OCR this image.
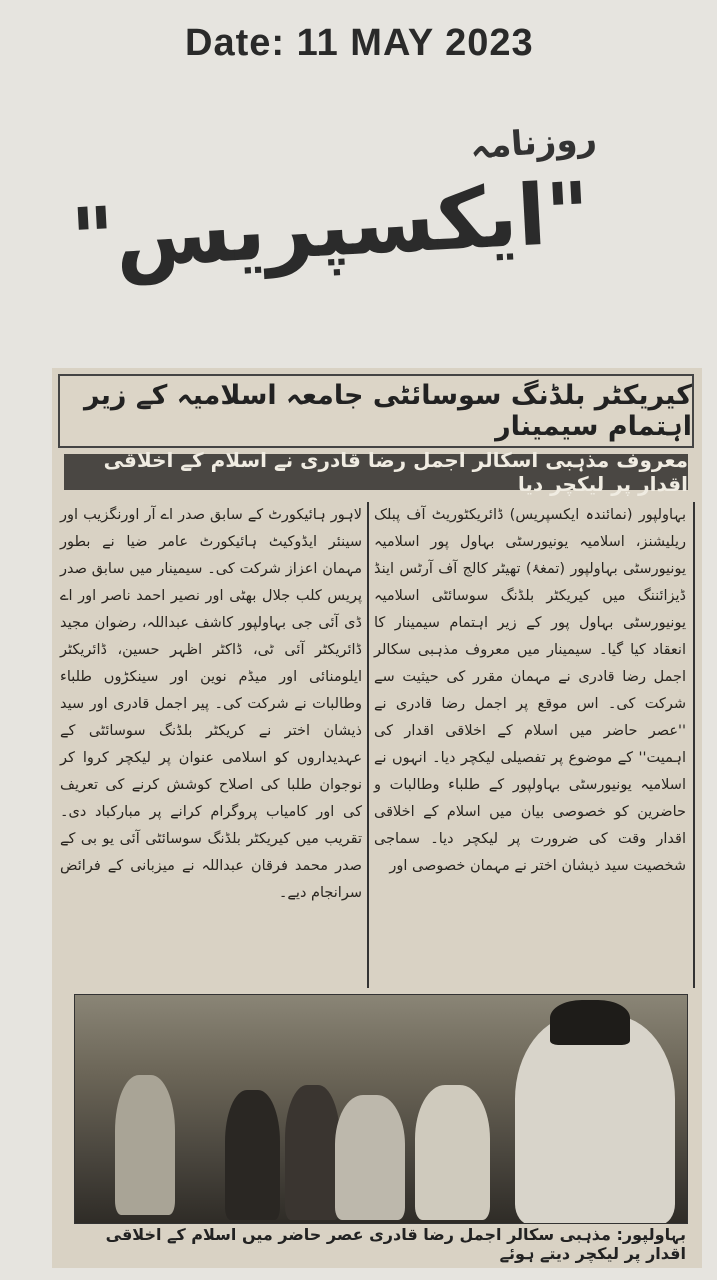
Date: 11 MAY 2023
روزنامہ
"ایکسپریس"
کیریکٹر بلڈنگ سوسائٹی جامعہ اسلامیہ کے زیر اہتمام سیمینار
معروف مذہبی اسکالر اجمل رضا قادری نے اسلام کے اخلاقی اقدار پر لیکچر دیا
بہاولپور (نمائندہ ایکسپریس) ڈائریکٹوریٹ آف پبلک ریلیشنز، اسلامیہ یونیورسٹی بہاول پور اسلامیہ یونیورسٹی بہاولپور (تمغۂ) تھیٹر کالج آف آرٹس اینڈ ڈیزائننگ میں کیریکٹر بلڈنگ سوسائٹی اسلامیہ یونیورسٹی بہاول پور کے زیر اہتمام سیمینار کا انعقاد کیا گیا۔ سیمینار میں معروف مذہبی سکالر اجمل رضا قادری نے مہمان مقرر کی حیثیت سے شرکت کی۔ اس موقع پر اجمل رضا قادری نے ''عصر حاضر میں اسلام کے اخلاقی اقدار کی اہمیت'' کے موضوع پر تفصیلی لیکچر دیا۔ انہوں نے اسلامیہ یونیورسٹی بہاولپور کے طلباء وطالبات و حاضرین کو خصوصی بیان میں اسلام کے اخلاقی اقدار وقت کی ضرورت پر لیکچر دیا۔ سماجی شخصیت سید ذیشان اختر نے مہمان خصوصی اور
لاہور ہائیکورٹ کے سابق صدر اے آر اورنگزیب اور سینئر ایڈوکیٹ ہائیکورٹ عامر ضیا نے بطور مہمان اعزاز شرکت کی۔ سیمینار میں سابق صدر پریس کلب جلال بھٹی اور نصیر احمد ناصر اور اے ڈی آئی جی بہاولپور کاشف عبداللہ، رضوان مجید ڈائریکٹر آئی ٹی، ڈاکٹر اظہر حسین، ڈائریکٹر ایلومنائی اور میڈم نوین اور سینکڑوں طلباء وطالبات نے شرکت کی۔ پیر اجمل قادری اور سید ذیشان اختر نے کریکٹر بلڈنگ سوسائٹی کے عہدیداروں کو اسلامی عنوان پر لیکچر کروا کر نوجوان طلبا کی اصلاح کوشش کرنے کی تعریف کی اور کامیاب پروگرام کرانے پر مبارکباد دی۔ تقریب میں کیریکٹر بلڈنگ سوسائٹی آئی یو بی کے صدر محمد فرقان عبداللہ نے میزبانی کے فرائض سرانجام دیے۔
بہاولپور: مذہبی سکالر اجمل رضا قادری عصر حاضر میں اسلام کے اخلاقی اقدار پر لیکچر دیتے ہوئے
